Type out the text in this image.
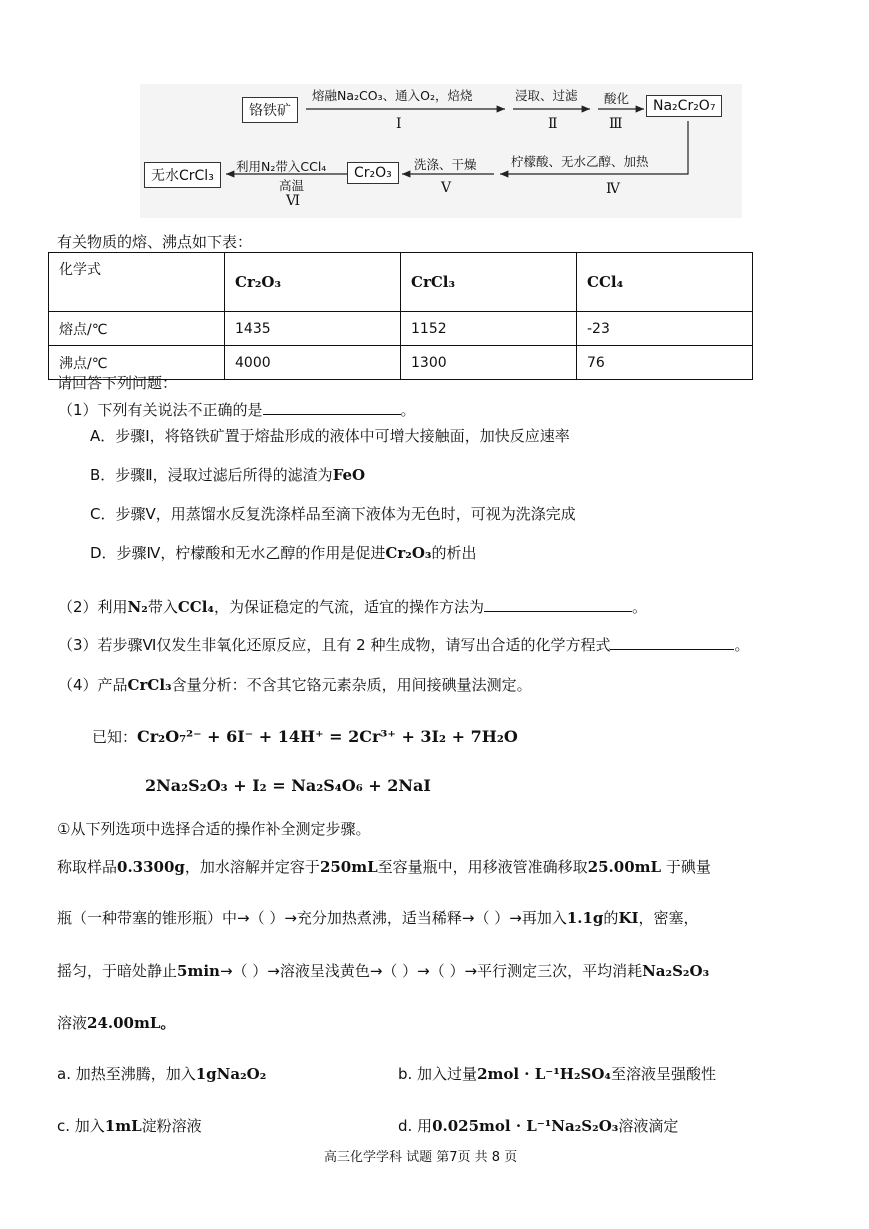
铬铁矿
熔融Na₂CO₃、通入O₂，焙烧
Ⅰ
浸取、过滤
Ⅱ
酸化
Ⅲ
Na₂Cr₂O₇
柠檬酸、无水乙醇、加热
Ⅳ
洗涤、干燥
Ⅴ
Cr₂O₃
利用N₂带入CCl₄
高温
Ⅵ
无水CrCl₃
有关物质的熔、沸点如下表：
化学式	Cr₂O₃	CrCl₃	CCl₄
熔点/℃	1435	1152	-23
沸点/℃	4000	1300	76
请回答下列问题：
（1）下列有关说法不正确的是	。
A．步骤Ⅰ，将铬铁矿置于熔盐形成的液体中可增大接触面，加快反应速率
B．步骤Ⅱ，浸取过滤后所得的滤渣为FeO
C．步骤Ⅴ，用蒸馏水反复洗涤样品至滴下液体为无色时，可视为洗涤完成
D．步骤Ⅳ，柠檬酸和无水乙醇的作用是促进Cr₂O₃的析出
（2）利用N₂带入CCl₄，为保证稳定的气流，适宜的操作方法为	。
（3）若步骤Ⅵ仅发生非氧化还原反应，且有 2 种生成物，请写出合适的化学方程式	。
（4）产品CrCl₃含量分析：不含其它铬元素杂质，用间接碘量法测定。
已知：Cr₂O₇²⁻ + 6I⁻ + 14H⁺ = 2Cr³⁺ + 3I₂ + 7H₂O
2Na₂S₂O₃ + I₂ = Na₂S₄O₆ + 2NaI
①从下列选项中选择合适的操作补全测定步骤。
称取样品0.3300g，加水溶解并定容于250mL至容量瓶中，用移液管准确移取25.00mL 于碘量
瓶（一种带塞的锥形瓶）中→（ ）→充分加热煮沸，适当稀释→（ ）→再加入1.1g的KI，密塞，
摇匀，于暗处静止5min→（ ）→溶液呈浅黄色→（ ）→（ ）→平行测定三次，平均消耗Na₂S₂O₃
溶液24.00mL。
a. 加热至沸腾，加入1gNa₂O₂	b. 加入过量2mol · L⁻¹H₂SO₄至溶液呈强酸性
c. 加入1mL淀粉溶液	d. 用0.025mol · L⁻¹Na₂S₂O₃溶液滴定
高三化学学科 试题 第7页 共 8 页
